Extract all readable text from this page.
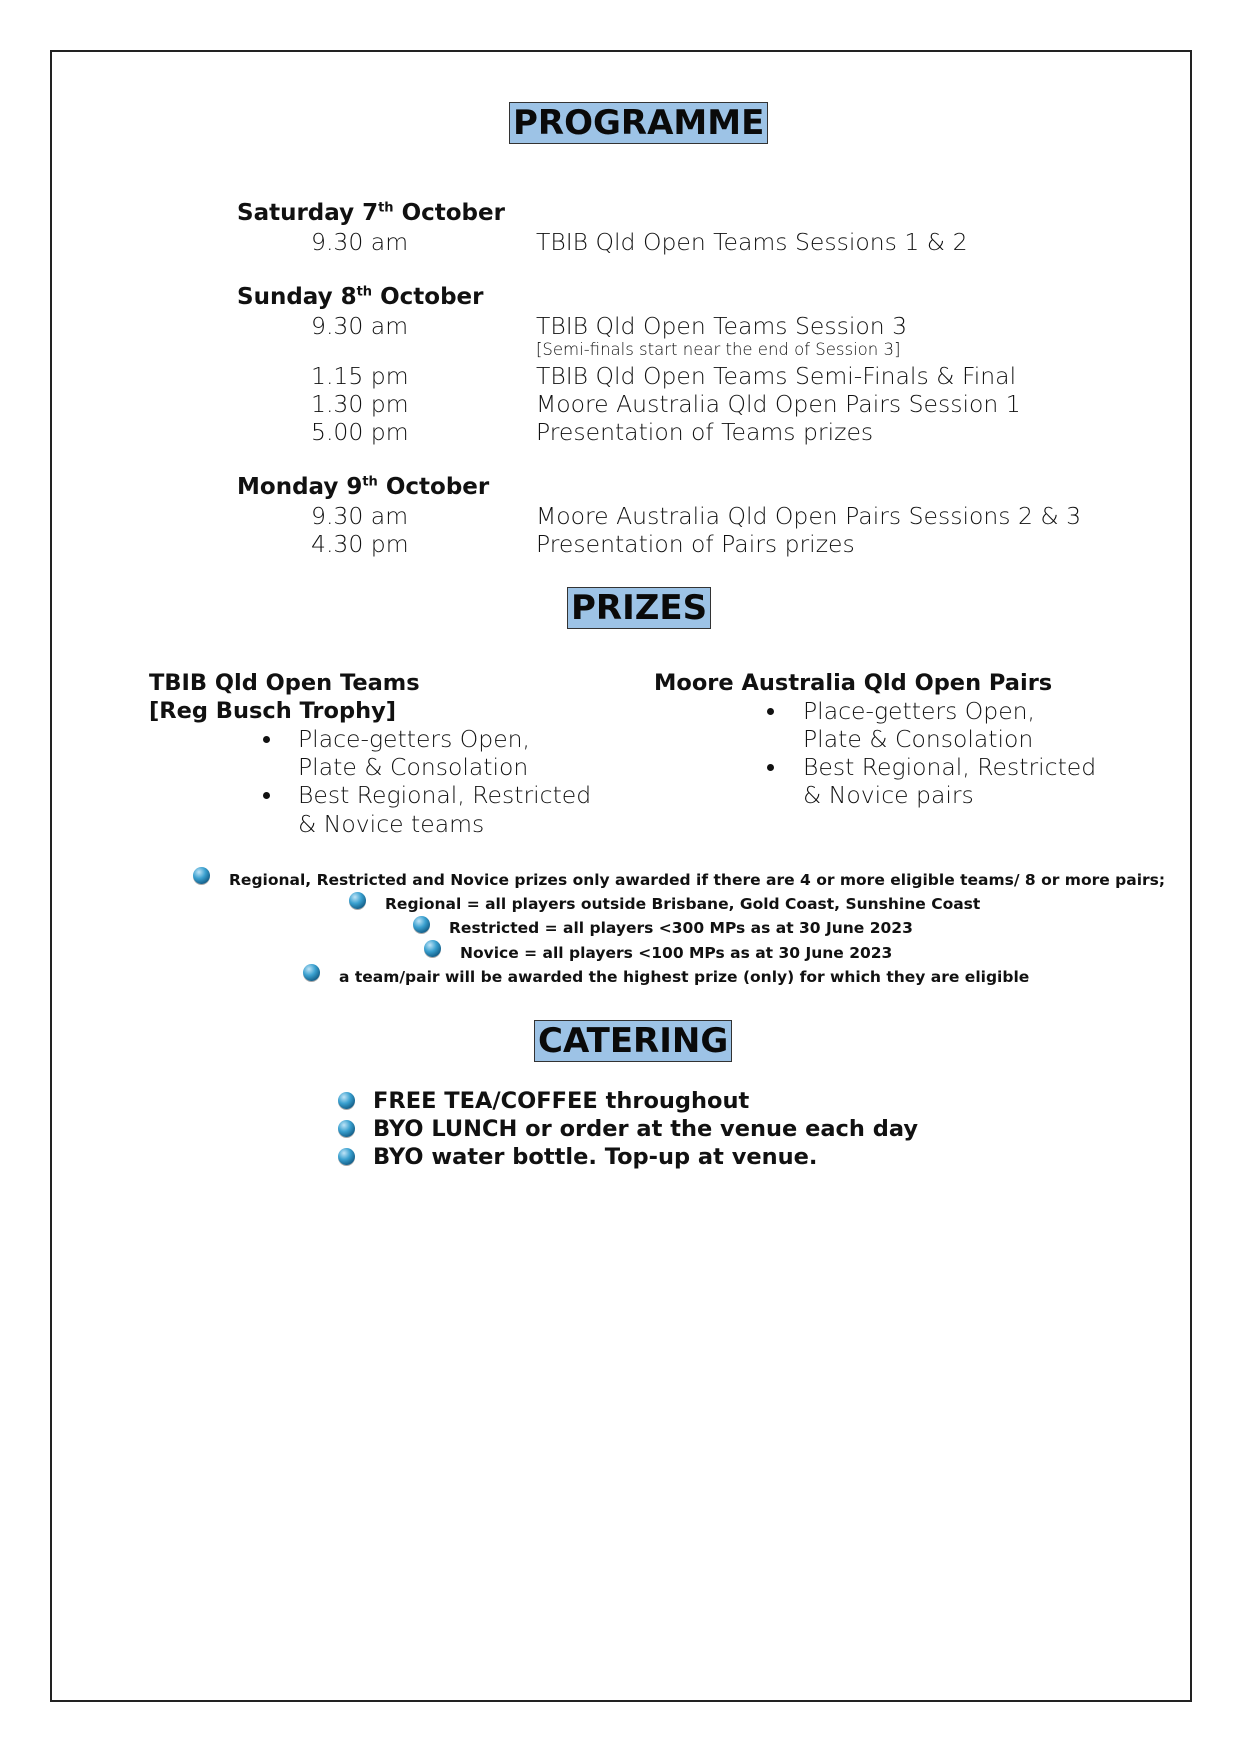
PROGRAMME
Saturday 7th October
9.30 am	TBIB Qld Open Teams Sessions 1 & 2
Sunday 8th October
9.30 am	TBIB Qld Open Teams Session 3
[Semi-finals start near the end of Session 3]
1.15 pm	TBIB Qld Open Teams Semi-Finals & Final
1.30 pm	Moore Australia Qld Open Pairs Session 1
5.00 pm	Presentation of Teams prizes
Monday 9th October
9.30 am	Moore Australia Qld Open Pairs Sessions 2 & 3
4.30 pm	Presentation of Pairs prizes
PRIZES
TBIB Qld Open Teams
[Reg Busch Trophy]
Place-getters Open,
Plate & Consolation
Best Regional, Restricted
& Novice teams
Moore Australia Qld Open Pairs
Place-getters Open,
Plate & Consolation
Best Regional, Restricted
& Novice pairs
Regional, Restricted and Novice prizes only awarded if there are 4 or more eligible teams/ 8 or more pairs;
Regional = all players outside Brisbane, Gold Coast, Sunshine Coast
Restricted = all players <300 MPs as at 30 June 2023
Novice = all players <100 MPs as at 30 June 2023
a team/pair will be awarded the highest prize (only) for which they are eligible
CATERING
FREE TEA/COFFEE throughout
BYO LUNCH or order at the venue each day
BYO water bottle. Top-up at venue.
